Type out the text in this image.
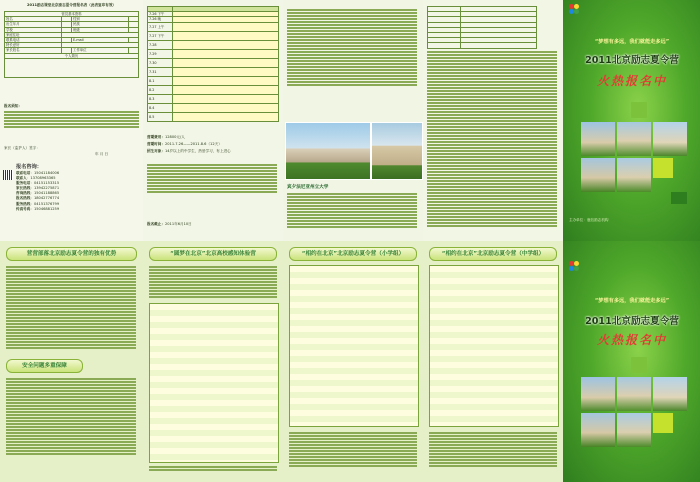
2011励志课堂北京励志夏令营报名表（此表复印有效）
营员基本资料			
姓名		性别	
出生年月		民族	
学校		班级	
家庭住址			
联系电话		E-mail	
特长爱好			
家长姓名		工作单位	
个人简历			

报名须知：
家长（监护人）签字：
年 月 日
报名咨询：
联系电话：15041184006
联系人：13708963365
服务电话：04151153315
家长热线：13942275871
咨询热线：15041188865
报名热线：18042776774
服务热线：04151376799
传真号码：15046881259

7.26 下午	
7.26 晚	
7.27 上午	
7.27 下午	
7.28	
7.29	
7.30	
7.31	
8.1	
8.2	
8.3	
8.4	
8.5	
营期费用：12800元/人
营期时间：2011.7.26——2011.8.6（12天）
招生对象：14岁以上的中学生，热爱学习，有上进心
报名截止：2011年6月10日
宾夕法尼亚州立大学

“梦想有多远，我们就能走多远”
2011北京励志夏令营
火热报名中
主办单位：鹿岛励志机构
营营部落北京励志夏令营的独有优势
安全问题多重保障
“圆梦在北京”北京高校感知体验营	“相约在北京”北京励志夏令营（小学组）	“相约在北京”北京励志夏令营（中学组）
“梦想有多远，我们就能走多远”
2011北京励志夏令营
火热报名中
